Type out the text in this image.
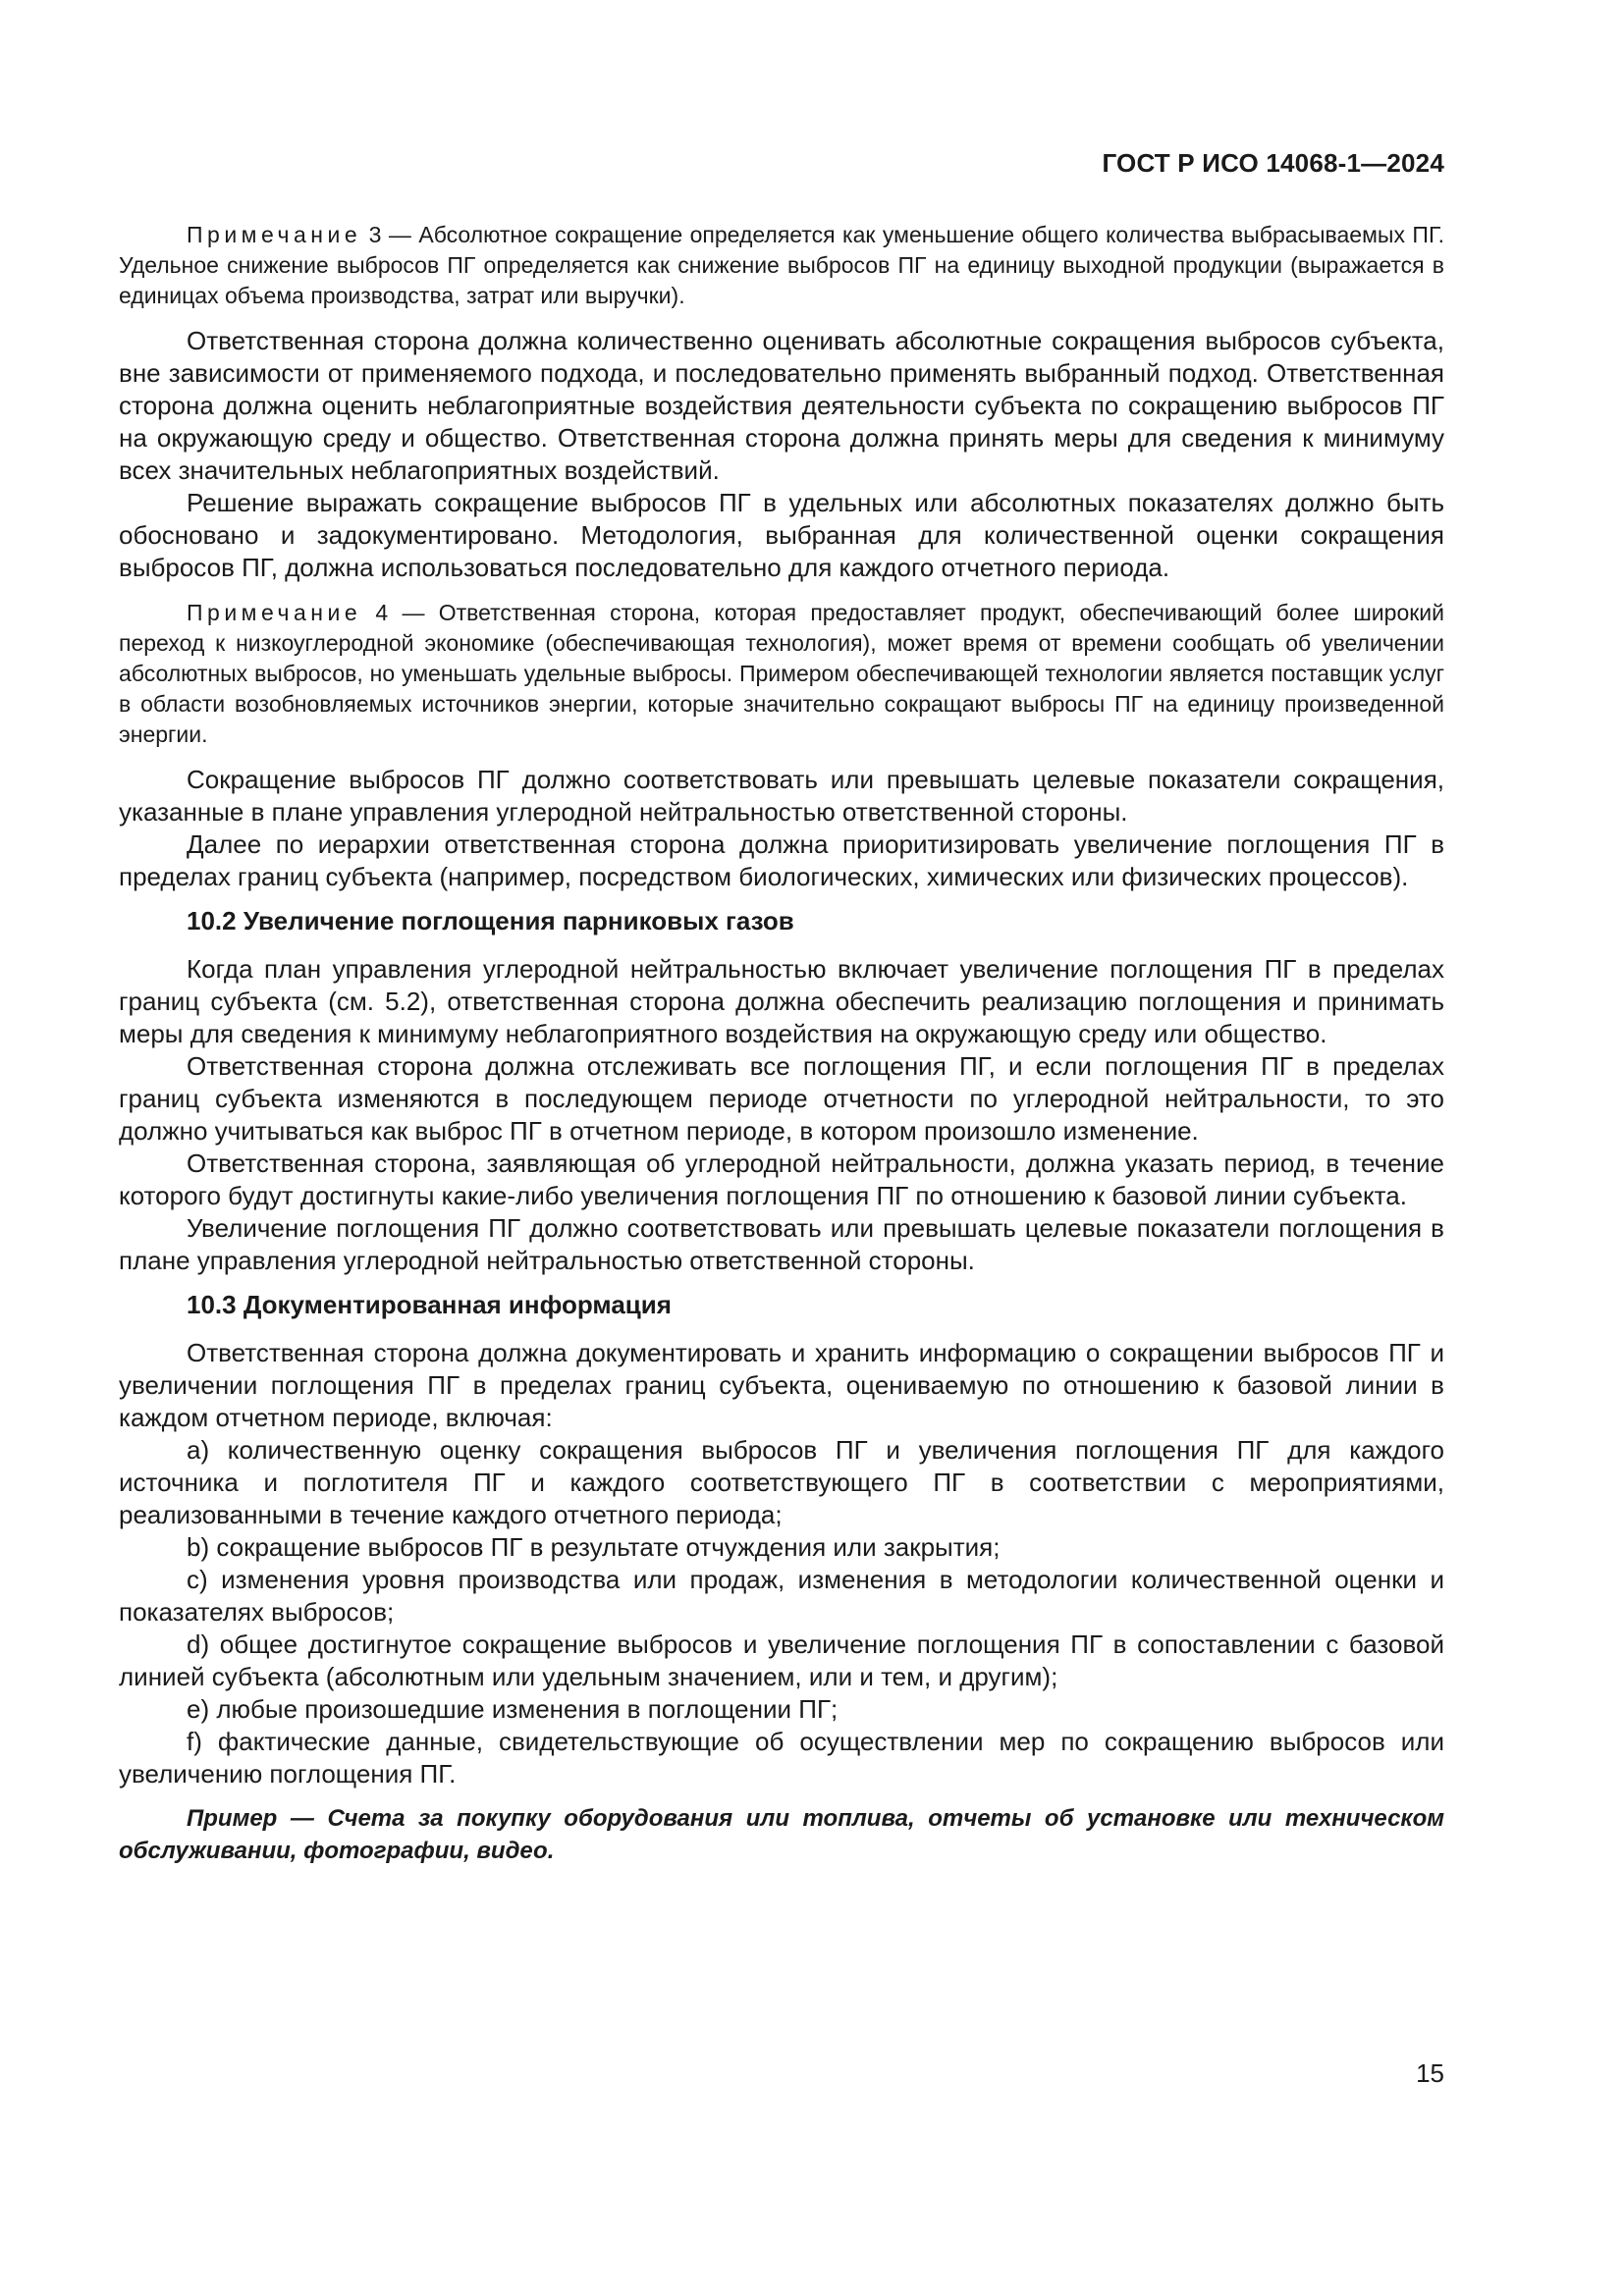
ГОСТ Р ИСО 14068-1—2024

Примечание 3 — Абсолютное сокращение определяется как уменьшение общего количества выбрасываемых ПГ. Удельное снижение выбросов ПГ определяется как снижение выбросов ПГ на единицу выходной продукции (выражается в единицах объема производства, затрат или выручки).

Ответственная сторона должна количественно оценивать абсолютные сокращения выбросов субъекта, вне зависимости от применяемого подхода, и последовательно применять выбранный подход. Ответственная сторона должна оценить неблагоприятные воздействия деятельности субъекта по сокращению выбросов ПГ на окружающую среду и общество. Ответственная сторона должна принять меры для сведения к минимуму всех значительных неблагоприятных воздействий.

Решение выражать сокращение выбросов ПГ в удельных или абсолютных показателях должно быть обосновано и задокументировано. Методология, выбранная для количественной оценки сокращения выбросов ПГ, должна использоваться последовательно для каждого отчетного периода.

Примечание 4 — Ответственная сторона, которая предоставляет продукт, обеспечивающий более широкий переход к низкоуглеродной экономике (обеспечивающая технология), может время от времени сообщать об увеличении абсолютных выбросов, но уменьшать удельные выбросы. Примером обеспечивающей технологии является поставщик услуг в области возобновляемых источников энергии, которые значительно сокращают выбросы ПГ на единицу произведенной энергии.

Сокращение выбросов ПГ должно соответствовать или превышать целевые показатели сокращения, указанные в плане управления углеродной нейтральностью ответственной стороны.

Далее по иерархии ответственная сторона должна приоритизировать увеличение поглощения ПГ в пределах границ субъекта (например, посредством биологических, химических или физических процессов).

10.2 Увеличение поглощения парниковых газов

Когда план управления углеродной нейтральностью включает увеличение поглощения ПГ в пределах границ субъекта (см. 5.2), ответственная сторона должна обеспечить реализацию поглощения и принимать меры для сведения к минимуму неблагоприятного воздействия на окружающую среду или общество.

Ответственная сторона должна отслеживать все поглощения ПГ, и если поглощения ПГ в пределах границ субъекта изменяются в последующем периоде отчетности по углеродной нейтральности, то это должно учитываться как выброс ПГ в отчетном периоде, в котором произошло изменение.

Ответственная сторона, заявляющая об углеродной нейтральности, должна указать период, в течение которого будут достигнуты какие-либо увеличения поглощения ПГ по отношению к базовой линии субъекта.

Увеличение поглощения ПГ должно соответствовать или превышать целевые показатели поглощения в плане управления углеродной нейтральностью ответственной стороны.

10.3 Документированная информация

Ответственная сторона должна документировать и хранить информацию о сокращении выбросов ПГ и увеличении поглощения ПГ в пределах границ субъекта, оцениваемую по отношению к базовой линии в каждом отчетном периоде, включая:

a) количественную оценку сокращения выбросов ПГ и увеличения поглощения ПГ для каждого источника и поглотителя ПГ и каждого соответствующего ПГ в соответствии с мероприятиями, реализованными в течение каждого отчетного периода;

b) сокращение выбросов ПГ в результате отчуждения или закрытия;

c) изменения уровня производства или продаж, изменения в методологии количественной оценки и показателях выбросов;

d) общее достигнутое сокращение выбросов и увеличение поглощения ПГ в сопоставлении с базовой линией субъекта (абсолютным или удельным значением, или и тем, и другим);

e) любые произошедшие изменения в поглощении ПГ;

f) фактические данные, свидетельствующие об осуществлении мер по сокращению выбросов или увеличению поглощения ПГ.

Пример — Счета за покупку оборудования или топлива, отчеты об установке или техническом обслуживании, фотографии, видео.

15
